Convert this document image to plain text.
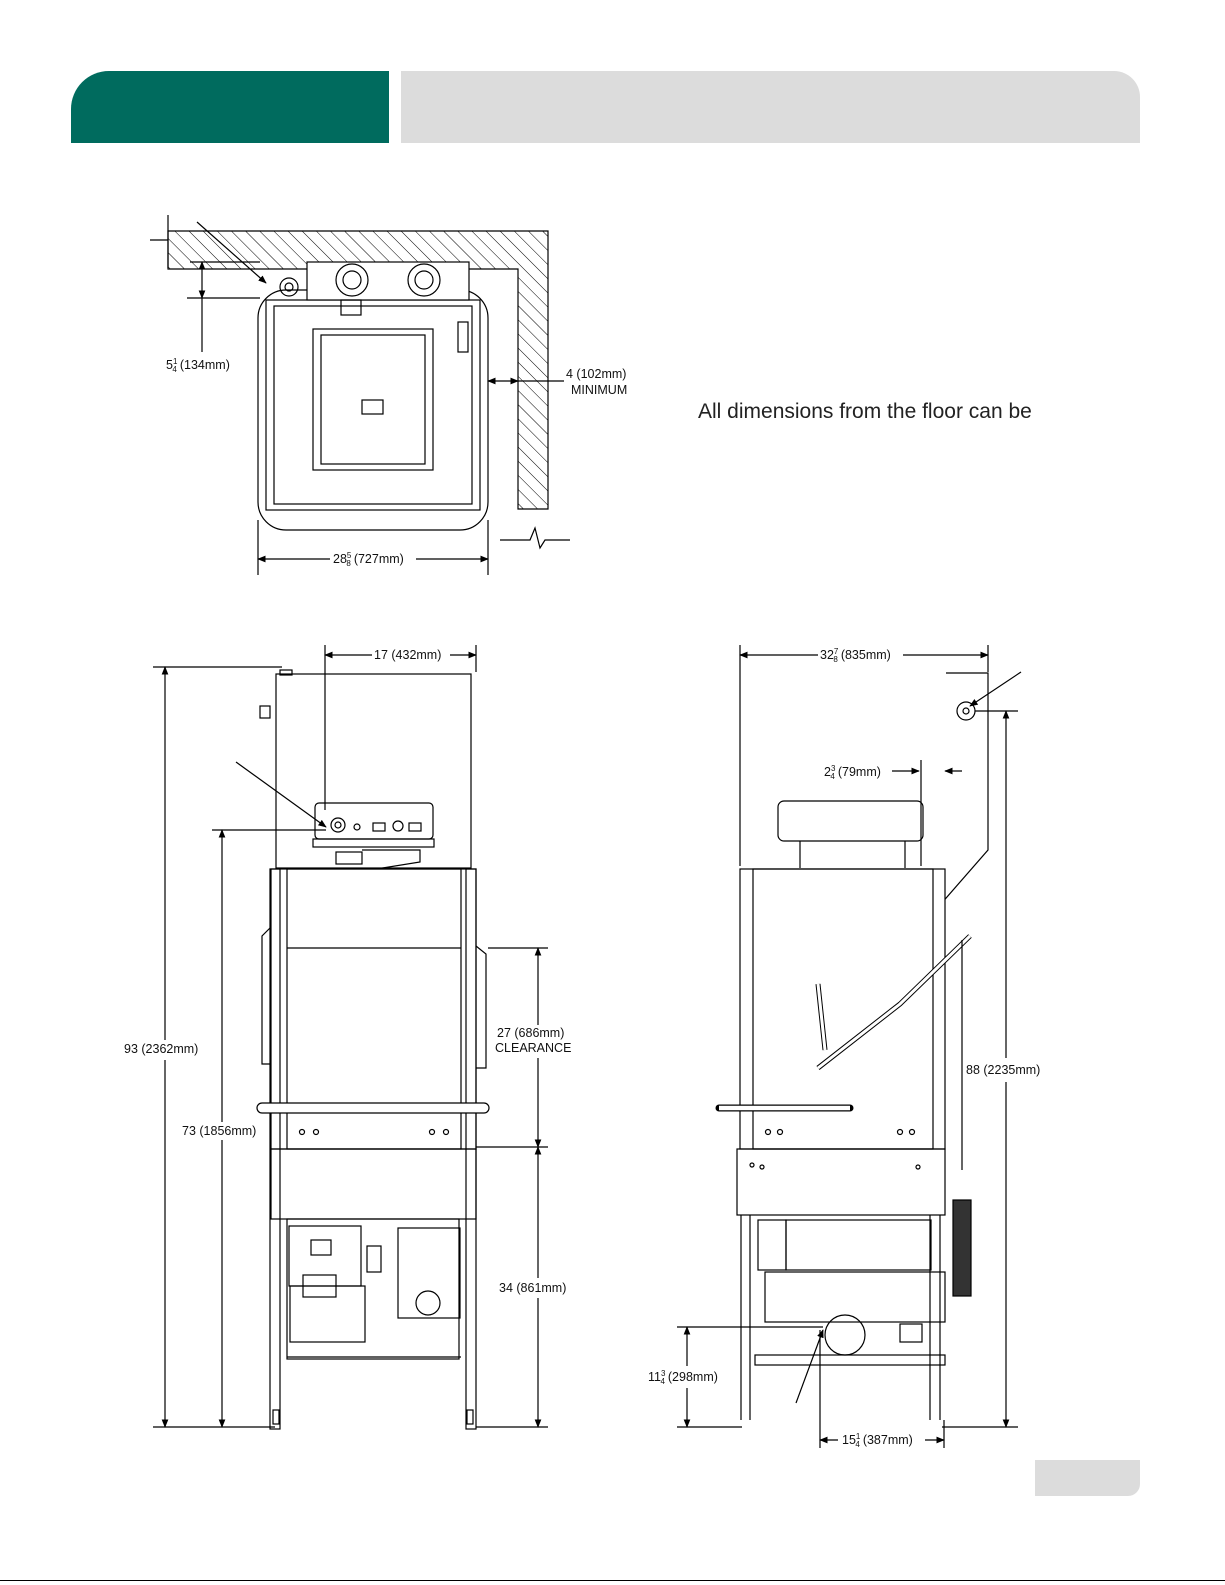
All dimensions from the floor can be
$5^1$ 4 (134mm)
4 (102mm)
MINIMUM
$28^5$ 8 (727mm)
17 (432mm)
93 (2362mm)
73 (1856mm)
27 (686mm)
CLEARANCE
34 (861mm)
$32^7$ 8 (835mm)
$2^3$ 4 (79mm)
88 (2235mm)
$11^3$ 4 (298mm)
$15^1$ 4 (387mm)
